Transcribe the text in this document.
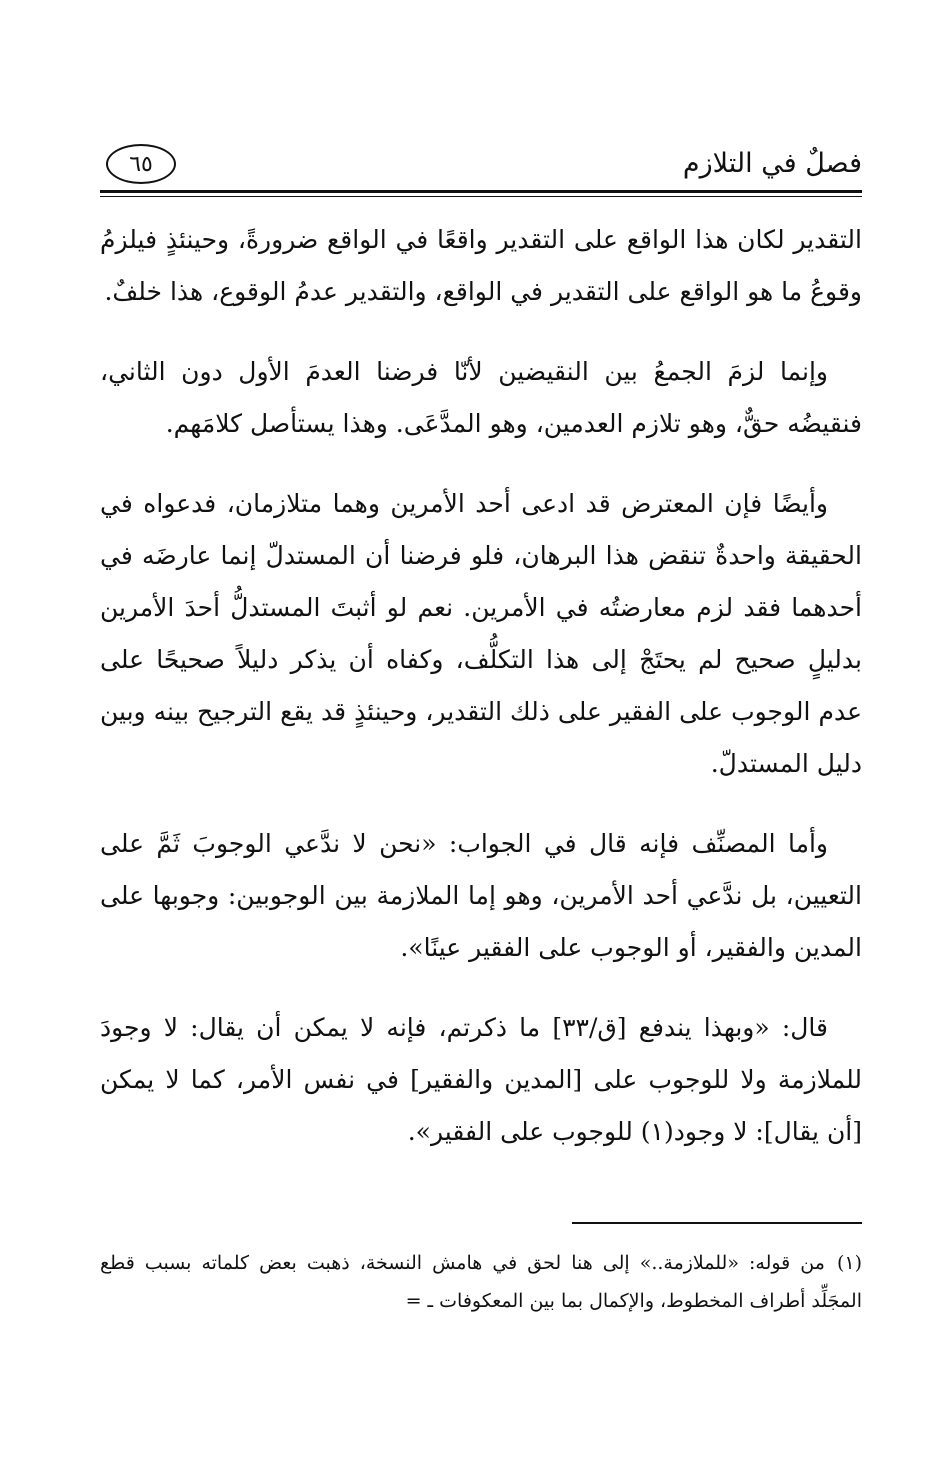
فصلٌ في التلازم
٦٥

التقدير لكان هذا الواقع على التقدير واقعًا في الواقع ضرورةً، وحينئذٍ فيلزمُ وقوعُ ما هو الواقع على التقدير في الواقع، والتقدير عدمُ الوقوع، هذا خلفٌ.

وإنما لزمَ الجمعُ بين النقيضين لأنّا فرضنا العدمَ الأول دون الثاني، فنقيضُه حقٌّ، وهو تلازم العدمين، وهو المدَّعَى. وهذا يستأصل كلامَهم.

وأيضًا فإن المعترض قد ادعى أحد الأمرين وهما متلازمان، فدعواه في الحقيقة واحدةٌ تنقض هذا البرهان، فلو فرضنا أن المستدلّ إنما عارضَه في أحدهما فقد لزم معارضتُه في الأمرين. نعم لو أثبتَ المستدلُّ أحدَ الأمرين بدليلٍ صحيح لم يحتَجْ إلى هذا التكلُّف، وكفاه أن يذكر دليلاً صحيحًا على عدم الوجوب على الفقير على ذلك التقدير، وحينئذٍ قد يقع الترجيح بينه وبين دليل المستدلّ.

وأما المصنِّف فإنه قال في الجواب: «نحن لا ندَّعي الوجوبَ ثَمَّ على التعيين، بل ندَّعي أحد الأمرين، وهو إما الملازمة بين الوجوبين: وجوبها على المدين والفقير، أو الوجوب على الفقير عينًا».

قال: «وبهذا يندفع [ق/٣٣] ما ذكرتم، فإنه لا يمكن أن يقال: لا وجودَ للملازمة ولا للوجوب على [المدين والفقير] في نفس الأمر، كما لا يمكن [أن يقال]: لا وجود(١) للوجوب على الفقير».

(١)من قوله: «للملازمة..» إلى هنا لحق في هامش النسخة، ذهبت بعض كلماته بسبب قطع المجَلِّد أطراف المخطوط، والإكمال بما بين المعكوفات ـ =
